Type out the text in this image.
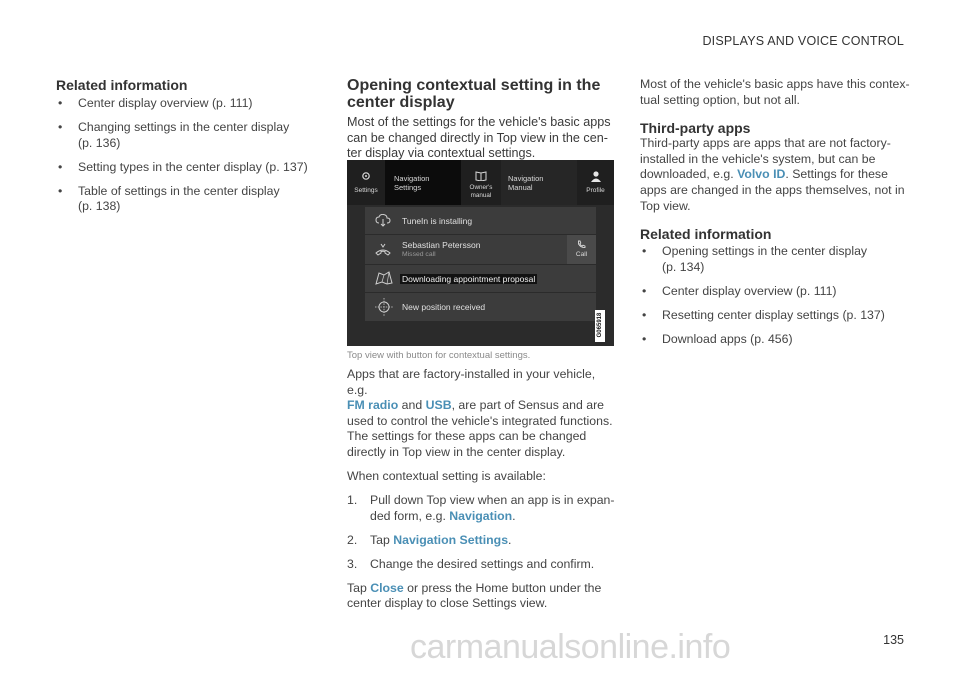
DISPLAYS AND VOICE CONTROL
Related information
• Center display overview (p. 111)
• Changing settings in the center display
(p. 136)
• Setting types in the center display (p. 137)
• Table of settings in the center display
(p. 138)
Opening contextual setting in the
center display
Most of the settings for the vehicle's basic apps
can be changed directly in Top view in the cen-
ter display via contextual settings.
Settings
Navigation
Settings	Owner's
manual
Navigation
Manual	Profile
TuneIn is installing
Sebastian Petersson
Missed call	Call
Downloading appointment proposal
New position received
G065918
Top view with button for contextual settings.
Apps that are factory-installed in your vehicle, e.g.
FM radio and USB, are part of Sensus and are
used to control the vehicle's integrated functions.
The settings for these apps can be changed
directly in Top view in the center display.
When contextual setting is available:
1. Pull down Top view when an app is in expan-
ded form, e.g. Navigation.
2. Tap Navigation Settings.
3. Change the desired settings and confirm.
Tap Close or press the Home button under the
center display to close Settings view.
Most of the vehicle's basic apps have this contex-
tual setting option, but not all.
Third-party apps
Third-party apps are apps that are not factory-
installed in the vehicle's system, but can be
downloaded, e.g. Volvo ID. Settings for these
apps are changed in the apps themselves, not in
Top view.
Related information
• Opening settings in the center display
(p. 134)
• Center display overview (p. 111)
• Resetting center display settings (p. 137)
• Download apps (p. 456)
135
carmanualsonline.info
